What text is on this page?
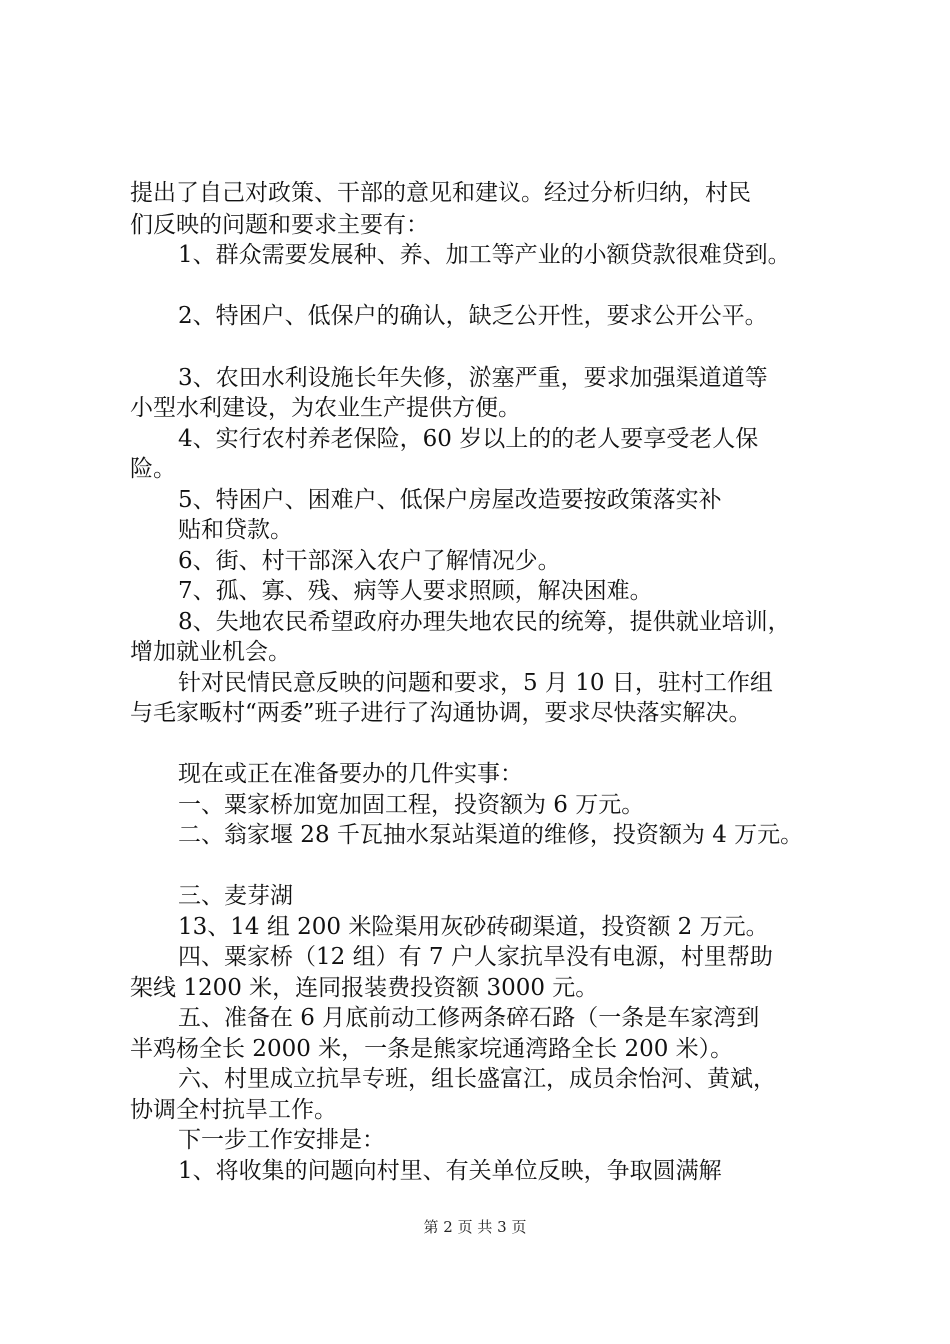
提出了自己对政策、干部的意见和建议。经过分析归纳，村民
们反映的问题和要求主要有：
1、群众需要发展种、养、加工等产业的小额贷款很难贷到。
2、特困户、低保户的确认，缺乏公开性，要求公开公平。
3、农田水利设施长年失修，淤塞严重，要求加强渠道道等
小型水利建设，为农业生产提供方便。
4、实行农村养老保险，60 岁以上的的老人要享受老人保
险。
5、特困户、困难户、低保户房屋改造要按政策落实补
贴和贷款。
6、街、村干部深入农户了解情况少。
7、孤、寡、残、病等人要求照顾，解决困难。
8、失地农民希望政府办理失地农民的统筹，提供就业培训，
增加就业机会。
针对民情民意反映的问题和要求，5 月 10 日，驻村工作组
与毛家畈村“两委”班子进行了沟通协调，要求尽快落实解决。
现在或正在准备要办的几件实事：
一、粟家桥加宽加固工程，投资额为 6 万元。
二、翁家堰 28 千瓦抽水泵站渠道的维修，投资额为 4 万元。
三、麦芽湖
13、14 组 200 米险渠用灰砂砖砌渠道，投资额 2 万元。
四、粟家桥（12 组）有 7 户人家抗旱没有电源，村里帮助
架线 1200 米，连同报装费投资额 3000 元。
五、准备在 6 月底前动工修两条碎石路（一条是车家湾到
半鸡杨全长 2000 米，一条是熊家垸通湾路全长 200 米）。
六、村里成立抗旱专班，组长盛富江，成员余怡河、黄斌，
协调全村抗旱工作。
下一步工作安排是：
1、将收集的问题向村里、有关单位反映，争取圆满解
第 2 页 共 3 页
